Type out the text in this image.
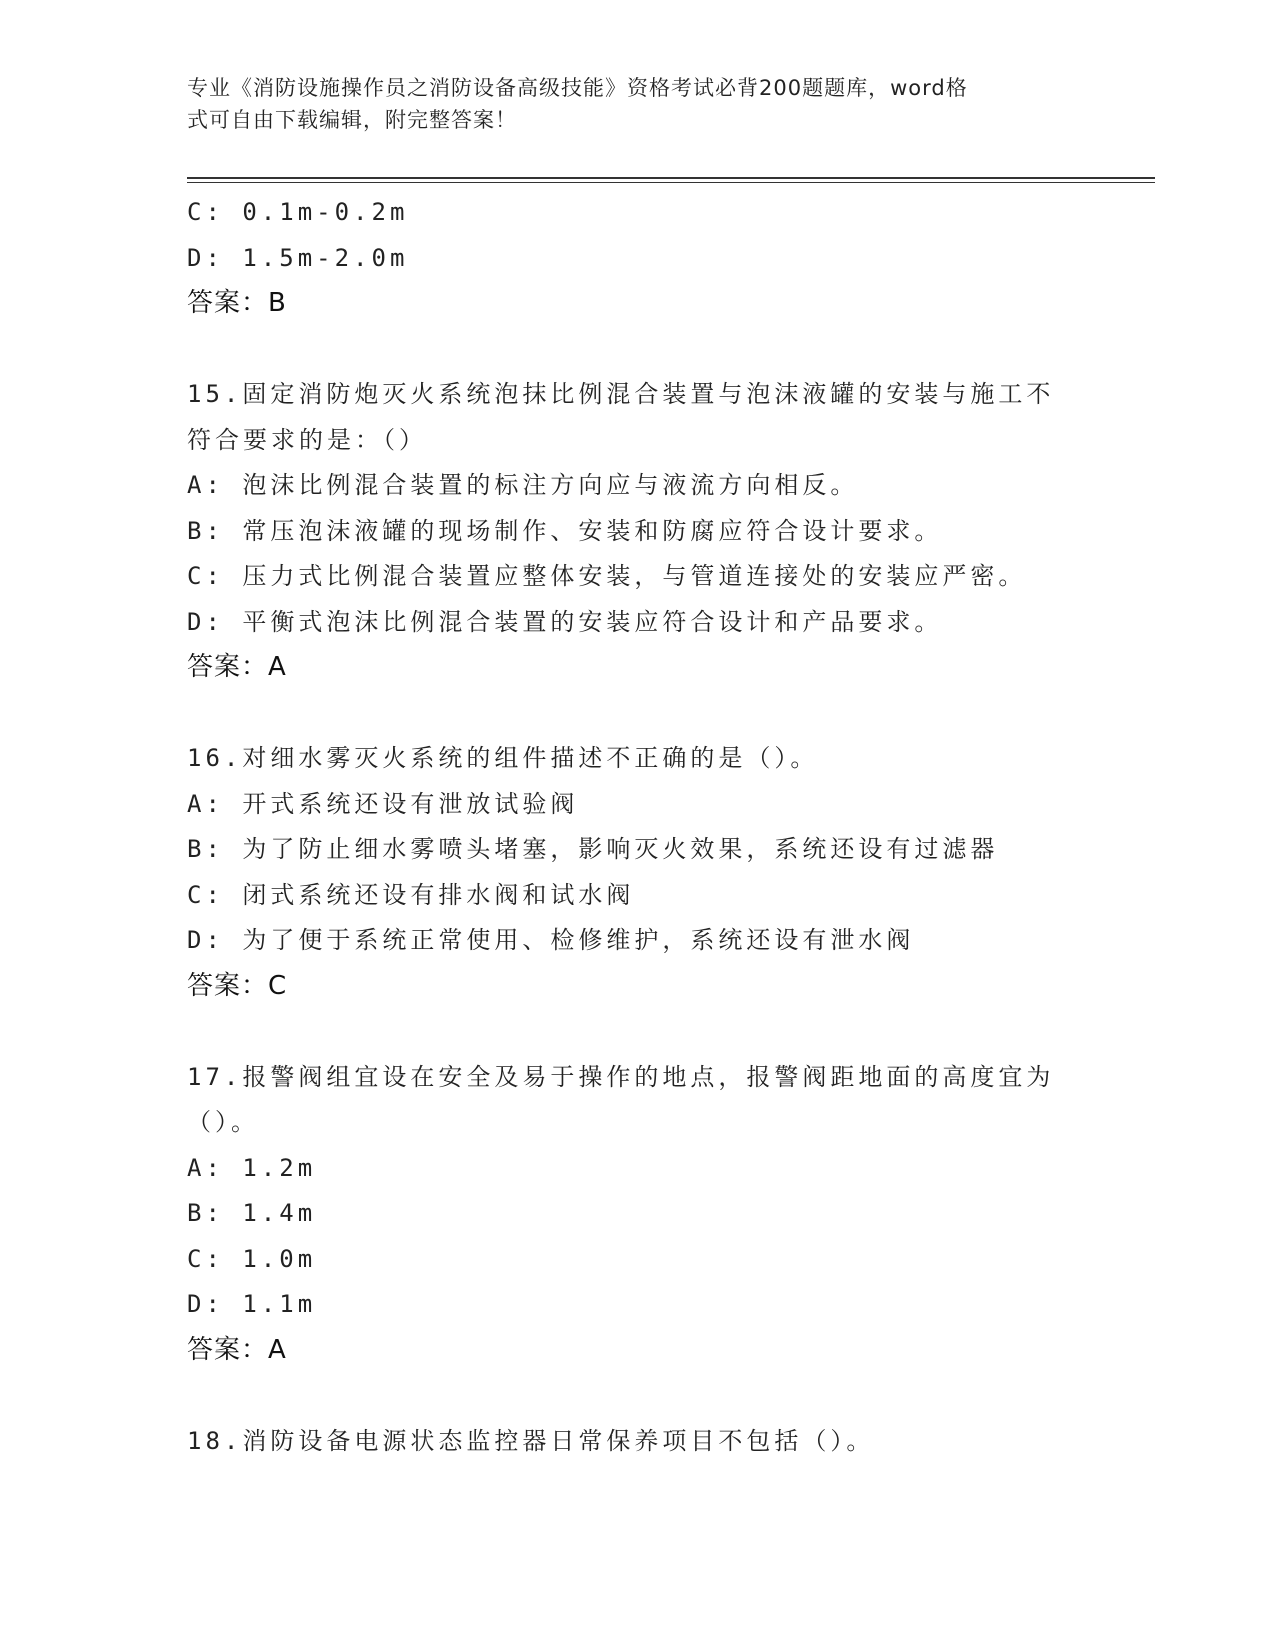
专业《消防设施操作员之消防设备高级技能》资格考试必背200题题库，word格
式可自由下载编辑，附完整答案！
C: 0.1m-0.2m
D: 1.5m-2.0m
答案：B
15.固定消防炮灭火系统泡抹比例混合装置与泡沫液罐的安装与施工不
符合要求的是：（）
A: 泡沫比例混合装置的标注方向应与液流方向相反。
B: 常压泡沫液罐的现场制作、安装和防腐应符合设计要求。
C: 压力式比例混合装置应整体安装，与管道连接处的安装应严密。
D: 平衡式泡沫比例混合装置的安装应符合设计和产品要求。
答案：A
16.对细水雾灭火系统的组件描述不正确的是（）。
A: 开式系统还设有泄放试验阀
B: 为了防止细水雾喷头堵塞，影响灭火效果，系统还设有过滤器
C: 闭式系统还设有排水阀和试水阀
D: 为了便于系统正常使用、检修维护，系统还设有泄水阀
答案：C
17.报警阀组宜设在安全及易于操作的地点，报警阀距地面的高度宜为
（）。
A: 1.2m
B: 1.4m
C: 1.0m
D: 1.1m
答案：A
18.消防设备电源状态监控器日常保养项目不包括（）。
